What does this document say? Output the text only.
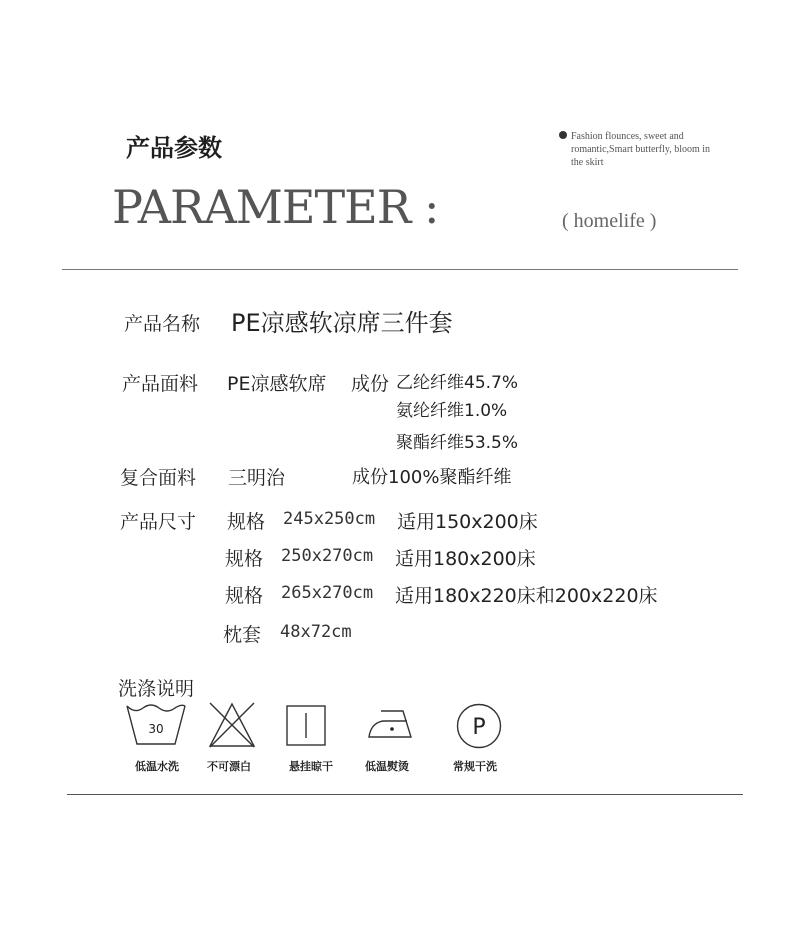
产品参数
PARAMETER :
Fashion flounces, sweet and romantic,Smart butterfly, bloom in the skirt
( homelife )
产品名称 PE凉感软凉席三件套
产品面料 PE凉感软席 成份 乙纶纤维45.7%
氨纶纤维1.0%
聚酯纤维53.5%
复合面料 三明治	成份100%聚酯纤维
产品尺寸 规格 245x250cm 适用150x200床
规格 250x270cm 适用180x200床
规格 265x270cm 适用180x220床和200x220床
枕套 48x72cm
洗涤说明
30
低温水洗	不可漂白	悬挂晾干	低温熨烫
P
常规干洗
